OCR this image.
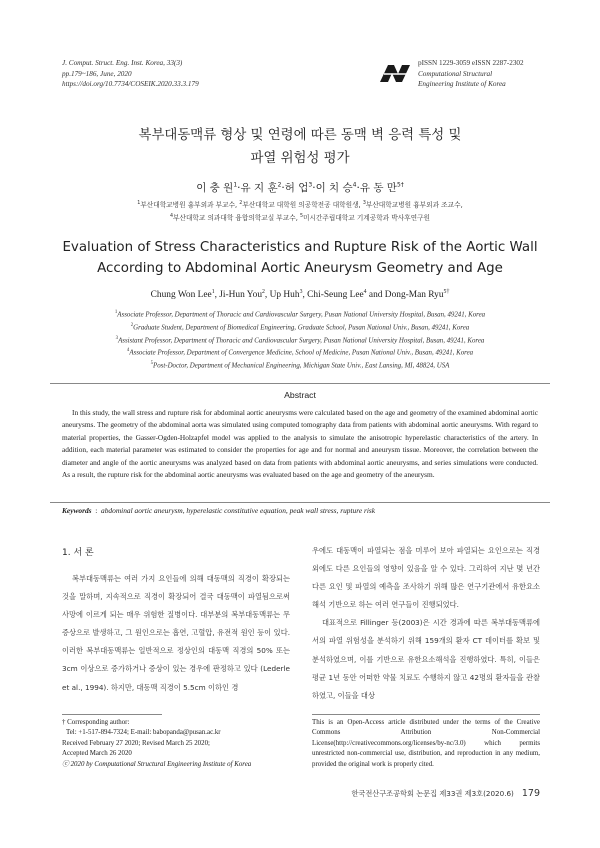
J. Comput. Struct. Eng. Inst. Korea, 33(3)
pp.179~186, June, 2020
https://doi.org/10.7734/COSEIK.2020.33.3.179
pISSN 1229-3059 eISSN 2287-2302
Computational Structural
Engineering Institute of Korea
복부대동맥류 형상 및 연령에 따른 동맥 벽 응력 특성 및
파열 위험성 평가
이 충 원$^1$·유 지 훈$^2$·허 업$^3$·이 치 승$^4$·유 동 만$^{5\dagger}$
$^1$부산대학교병원 흉부외과 부교수, $^2$부산대학교 대학원 의공학전공 대학원생, $^3$부산대학교병원 흉부외과 조교수,
$^4$부산대학교 의과대학 융합의학교실 부교수, $^5$미시간주립대학교 기계공학과 박사후연구원
Evaluation of Stress Characteristics and Rupture Risk of the Aortic Wall
According to Abdominal Aortic Aneurysm Geometry and Age
Chung Won Lee$^1$, Ji-Hun You$^2$, Up Huh$^3$, Chi-Seung Lee$^4$ and Dong-Man Ryu$^{5\dagger}$
$^1$Associate Professor, Department of Thoracic and Cardiovascular Surgery, Pusan National University Hospital, Busan, 49241, Korea
$^2$Graduate Student, Department of Biomedical Engineering, Graduate School, Pusan National Univ., Busan, 49241, Korea
$^3$Assistant Professor, Department of Thoracic and Cardiovascular Surgery, Pusan National University Hospital, Busan, 49241, Korea
$^4$Associate Professor, Department of Convergence Medicine, School of Medicine, Pusan National Univ., Busan, 49241, Korea
$^5$Post-Doctor, Department of Mechanical Engineering, Michigan State Univ., East Lansing, MI, 48824, USA
Abstract
In this study, the wall stress and rupture risk for abdominal aortic aneurysms were calculated based on the age and geometry of the examined abdominal aortic aneurysms. The geometry of the abdominal aorta was simulated using computed tomography data from patients with abdominal aortic aneurysms. With regard to material properties, the Gasser-Ogden-Holzapfel model was applied to the analysis to simulate the anisotropic hyperelastic characteristics of the artery. In addition, each material parameter was estimated to consider the properties for age and for normal and aneurysm tissue. Moreover, the correlation between the diameter and angle of the aortic aneurysms was analyzed based on data from patients with abdominal aortic aneurysms, and series simulations were conducted. As a result, the rupture risk for the abdominal aortic aneurysms was evaluated based on the age and geometry of the aneurysm.
Keywords  :  abdominal aortic aneurysm, hyperelastic constitutive equation, peak wall stress, rupture risk
1. 서 론

복부대동맥류는 여러 가지 요인들에 의해 대동맥의 직경이 확장되는 것을 말하며, 지속적으로 직경이 확장되어 결국 대동맥이 파열됨으로써 사망에 이르게 되는 매우 위험한 질병이다. 대부분의 복부대동맥류는 무증상으로 발생하고, 그 원인으로는 흡연, 고혈압, 유전적 원인 등이 있다. 이러한 복부대동맥류는 일반적으로 정상인의 대동맥 직경의 50% 또는 3cm 이상으로 증가하거나 증상이 있는 경우에 판정하고 있다 (Lederle et al., 1994). 하지만, 대동맥 직경이 5.5cm 이하인 경

우에도 대동맥이 파열되는 점을 미루어 보아 파열되는 요인으로는 직경 외에도 다른 요인들의 영향이 있음을 알 수 있다. 그리하여 지난 몇 년간 다른 요인 및 파열의 예측을 조사하기 위해 많은 연구기관에서 유한요소해석 기반으로 하는 여러 연구들이 진행되었다.

대표적으로 Fillinger 등(2003)은 시간 경과에 따른 복부대동맥류에서의 파열 위험성을 분석하기 위해 159개의 환자 CT 데이터를 확보 및 분석하였으며, 이를 기반으로 유한요소해석을 진행하였다. 특히, 이들은 평균 1년 동안 어떠한 약물 치료도 수행하지 않고 42명의 환자들을 관찰하였고, 이들을 대상

† Corresponding author:
Tel: +1-517-894-7324; E-mail: babopanda@pusan.ac.kr
Received February 27 2020; Revised March 25 2020;
Accepted March 26 2020
ⓒ 2020 by Computational Structural Engineering Institute of Korea
This is an Open-Access article distributed under the terms of the Creative Commons Attribution Non-Commercial License(http://creativecommons.org/licenses/by-nc/3.0) which permits unrestricted non-commercial use, distribution, and reproduction in any medium, provided the original work is properly cited.
한국전산구조공학회 논문집 제33권 제3호(2020.6) 179
